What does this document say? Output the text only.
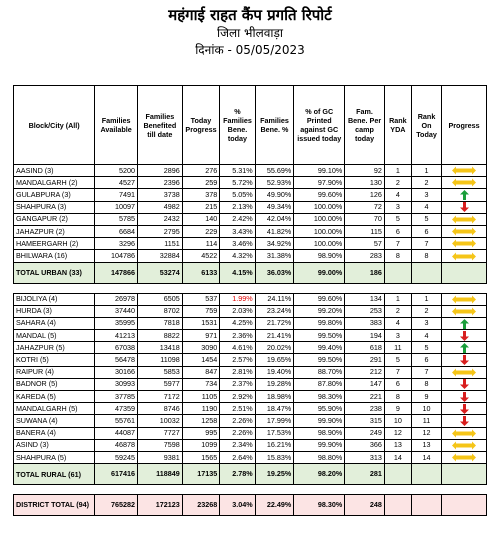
महंगाई राहत कैंप प्रगति रिपोर्ट
जिला भीलवाड़ा
दिनांक - 05/05/2023
Block/City (All)	Families Available	Families Benefited till date	Today Progress	% Families Bene. today	Families Bene. %	% of GC Printed against GC issued today	Fam. Bene. Per camp today	Rank YDA	Rank On Today	Progress
AASIND (3)	5200	2896	276	5.31%	55.69%	99.10%	92	1	1	
MANDALGARH (2)	4527	2396	259	5.72%	52.93%	97.90%	130	2	2	
GULABPURA (3)	7491	3738	378	5.05%	49.90%	99.60%	126	4	3	
SHAHPURA (3)	10097	4982	215	2.13%	49.34%	100.00%	72	3	4	
GANGAPUR (2)	5785	2432	140	2.42%	42.04%	100.00%	70	5	5	
JAHAZPUR (2)	6684	2795	229	3.43%	41.82%	100.00%	115	6	6	
HAMEERGARH (2)	3296	1151	114	3.46%	34.92%	100.00%	57	7	7	
BHILWARA (16)	104786	32884	4522	4.32%	31.38%	98.90%	283	8	8	
TOTAL URBAN (33)	147866	53274	6133	4.15%	36.03%	99.00%	186			

BIJOLIYA (4)	26978	6505	537	1.99%	24.11%	99.60%	134	1	1	
HURDA (3)	37440	8702	759	2.03%	23.24%	99.20%	253	2	2	
SAHARA (4)	35995	7818	1531	4.25%	21.72%	99.80%	383	4	3	
MANDAL (5)	41213	8822	971	2.36%	21.41%	99.50%	194	3	4	
JAHAZPUR (5)	67038	13418	3090	4.61%	20.02%	99.40%	618	11	5	
KOTRI (5)	56478	11098	1454	2.57%	19.65%	99.50%	291	5	6	
RAIPUR (4)	30166	5853	847	2.81%	19.40%	88.70%	212	7	7	
BADNOR (5)	30993	5977	734	2.37%	19.28%	87.80%	147	6	8	
KAREDA (5)	37785	7172	1105	2.92%	18.98%	98.30%	221	8	9	
MANDALGARH (5)	47359	8746	1190	2.51%	18.47%	95.90%	238	9	10	
SUWANA (4)	55761	10032	1258	2.26%	17.99%	99.90%	315	10	11	
BANERA (4)	44087	7727	995	2.26%	17.53%	98.90%	249	12	12	
ASIND (3)	46878	7598	1099	2.34%	16.21%	99.90%	366	13	13	
SHAHPURA (5)	59245	9381	1565	2.64%	15.83%	98.80%	313	14	14	
TOTAL RURAL (61)	617416	118849	17135	2.78%	19.25%	98.20%	281			

DISTRICT TOTAL (94)	765282	172123	23268	3.04%	22.49%	98.30%	248			
